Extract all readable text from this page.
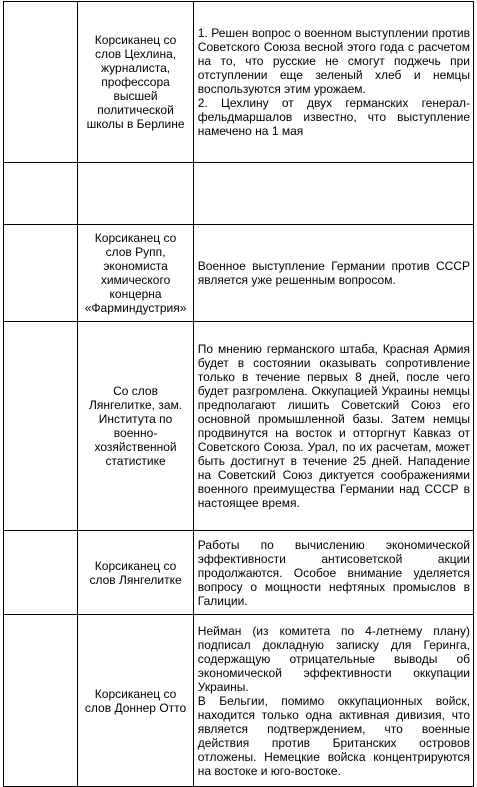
	Корсиканец со слов Цехлина, журналиста, профессора высшей политической школы в Берлине	1. Решен вопрос о военном выступлении против Советского Союза весной этого года с расчетом на то, что русские не смогут поджечь при отступлении еще зеленый хлеб и немцы воспользуются этим урожаем.

2. Цехлину от двух германских генерал-фельдмаршалов известно, что выступление намечено на 1 мая

	Корсиканец со слов Рупп, экономиста химического концерна «Фарминдустрия»	Военное выступление Германии против СССР является уже решенным вопросом.

	Со слов Лянгелитке, зам. Института по военно-хозяйственной статистике	По мнению германского штаба, Красная Армия будет в состоянии оказывать сопротивление только в течение первых 8 дней, после чего будет разгромлена. Оккупацией Украины немцы предполагают лишить Советский Союз его основной промышленной базы. Затем немцы продвинутся на восток и отторгнут Кавказ от Советского Союза. Урал, по их расчетам, может быть достигнут в течение 25 дней. Нападение на Советский Союз диктуется соображениями военного преимущества Германии над СССР в настоящее время.

	Корсиканец со слов Лянгелитке	Работы по вычислению экономической эффективности антисоветской акции продолжаются. Особое внимание уделяется вопросу о мощности нефтяных промыслов в Галиции.

	Корсиканец со слов Доннер Отто	Нейман (из комитета по 4-летнему плану) подписал докладную записку для Геринга, содержащую отрицательные выводы об экономической эффективности оккупации Украины.

В Бельгии, помимо оккупационных войск, находится только одна активная дивизия, что является подтверждением, что военные действия против Британских островов отложены. Немецкие войска концентрируются на востоке и юго-востоке.
